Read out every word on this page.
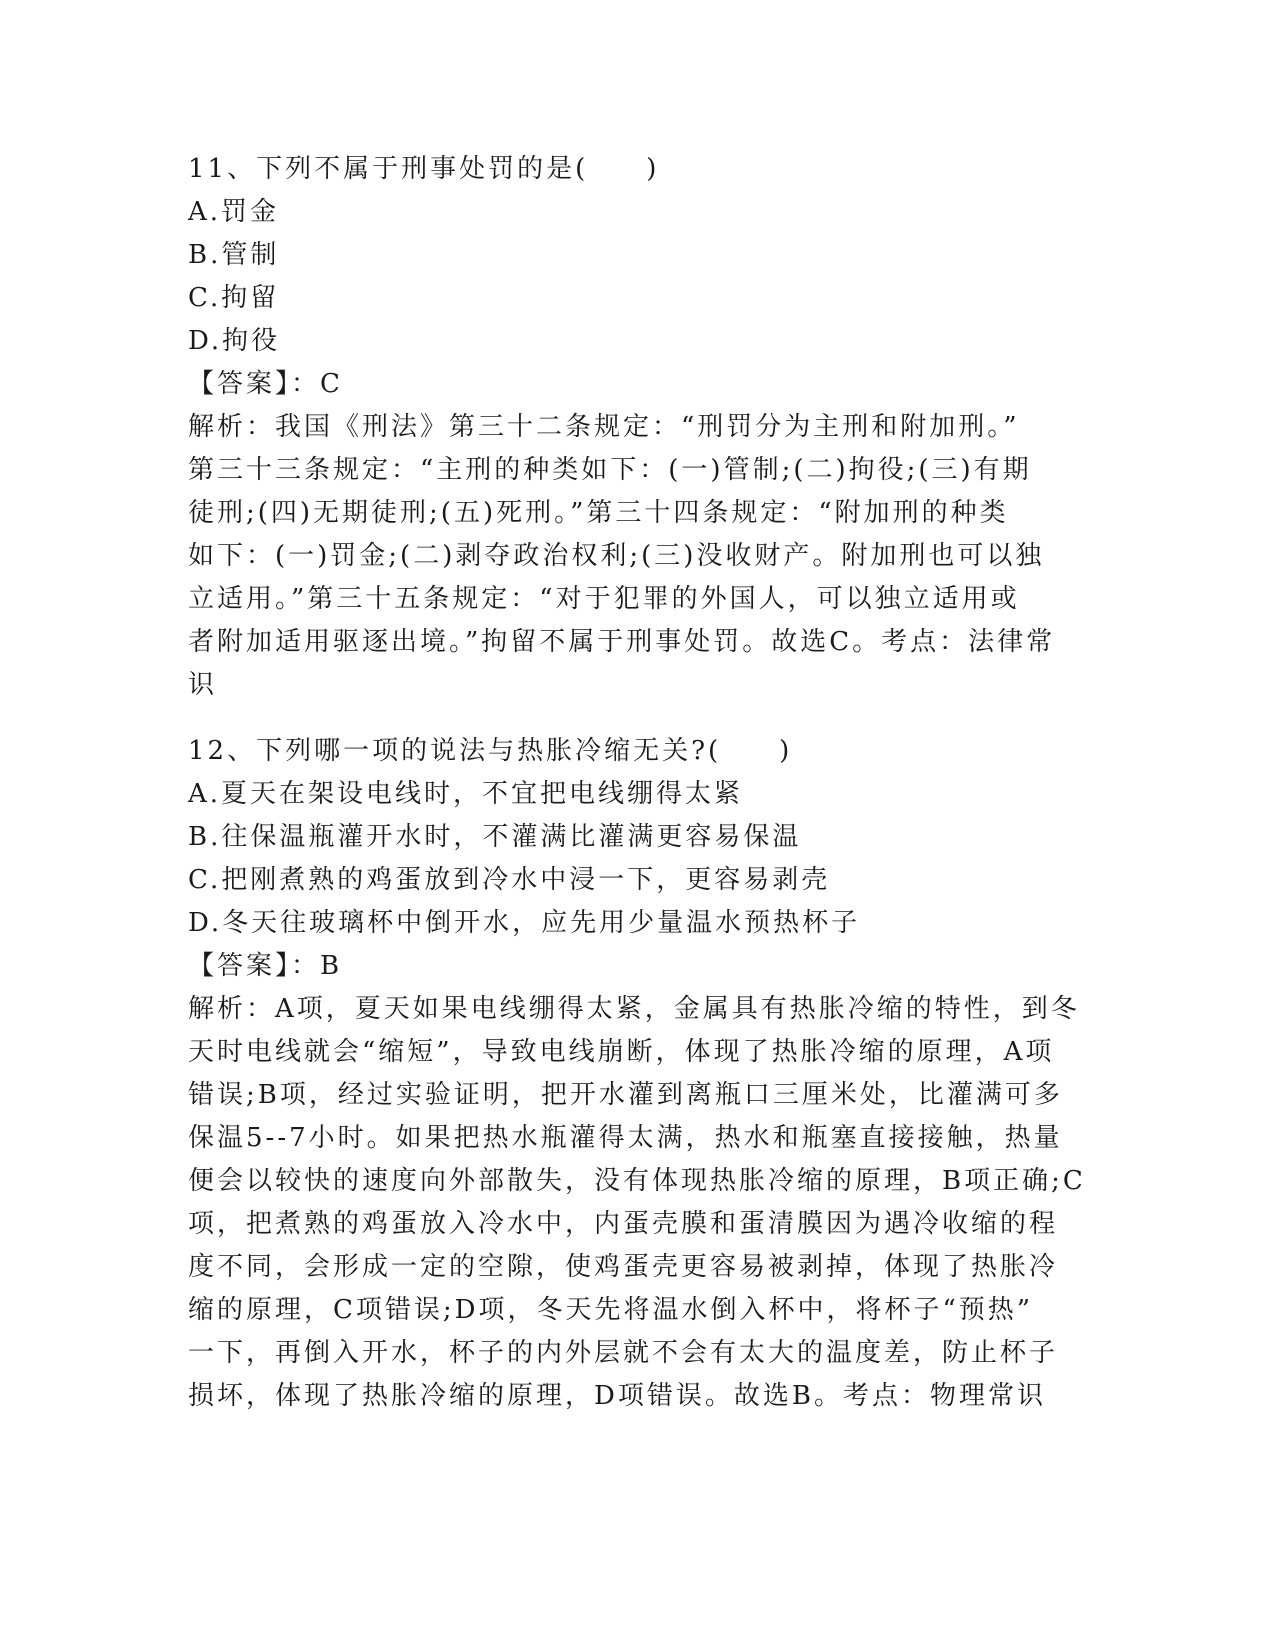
11、下列不属于刑事处罚的是(　　)
A.罚金
B.管制
C.拘留
D.拘役
【答案】：C
解析：我国《刑法》第三十二条规定：“刑罚分为主刑和附加刑。”
第三十三条规定：“主刑的种类如下：(一)管制;(二)拘役;(三)有期
徒刑;(四)无期徒刑;(五)死刑。”第三十四条规定：“附加刑的种类
如下：(一)罚金;(二)剥夺政治权利;(三)没收财产。附加刑也可以独
立适用。”第三十五条规定：“对于犯罪的外国人，可以独立适用或
者附加适用驱逐出境。”拘留不属于刑事处罚。故选C。考点：法律常
识
12、下列哪一项的说法与热胀冷缩无关?(　　)
A.夏天在架设电线时，不宜把电线绷得太紧
B.往保温瓶灌开水时，不灌满比灌满更容易保温
C.把刚煮熟的鸡蛋放到冷水中浸一下，更容易剥壳
D.冬天往玻璃杯中倒开水，应先用少量温水预热杯子
【答案】：B
解析：A项，夏天如果电线绷得太紧，金属具有热胀冷缩的特性，到冬
天时电线就会“缩短”，导致电线崩断，体现了热胀冷缩的原理，A项
错误;B项，经过实验证明，把开水灌到离瓶口三厘米处，比灌满可多
保温5--7小时。如果把热水瓶灌得太满，热水和瓶塞直接接触，热量
便会以较快的速度向外部散失，没有体现热胀冷缩的原理，B项正确;C
项，把煮熟的鸡蛋放入冷水中，内蛋壳膜和蛋清膜因为遇冷收缩的程
度不同，会形成一定的空隙，使鸡蛋壳更容易被剥掉，体现了热胀冷
缩的原理，C项错误;D项，冬天先将温水倒入杯中，将杯子“预热”
一下，再倒入开水，杯子的内外层就不会有太大的温度差，防止杯子
损坏，体现了热胀冷缩的原理，D项错误。故选B。考点：物理常识
